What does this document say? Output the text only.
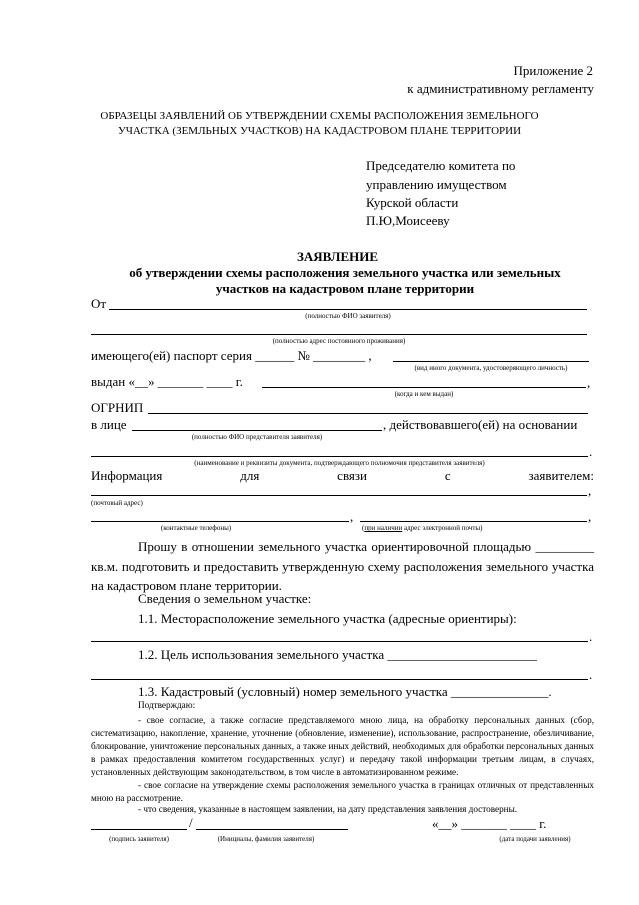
Приложение 2
к административному регламенту
ОБРАЗЕЦЫ ЗАЯВЛЕНИЙ ОБ УТВЕРЖДЕНИИ СХЕМЫ РАСПОЛОЖЕНИЯ ЗЕМЕЛЬНОГО
УЧАСТКА (ЗЕМЛЬНЫХ УЧАСТКОВ) НА КАДАСТРОВОМ ПЛАНЕ ТЕРРИТОРИИ
Председателю комитета по
управлению имуществом
Курской области
П.Ю,Моисееву
ЗАЯВЛЕНИЕ
об утверждении схемы расположения земельного участка или земельных
участков на кадастровом плане территории
От
(полностью ФИО заявителя)
(полностью адрес постоянного проживания)
имеющего(ей) паспорт серия ______ № ________ ,
(вид иного документа, удостоверяющего личность)
выдан «__» _______ ____ г.	,
(когда и кем выдан)
ОГРНИП
в лице	, действовавшего(ей) на основании
(полностью ФИО представителя заявителя)
.
(наименование и реквизиты документа, подтверждающего полномочия представителя заявителя)
Информация для связи с заявителем:
,
(почтовый адрес)
,	,
(контактные телефоны)	(при наличии адрес электронной почты)
Прошу в отношении земельного участка ориентировочной площадью _________ кв.м. подготовить и предоставить утвержденную схему расположения земельного участка на кадастровом плане территории.
Сведения о земельном участке:
1.1. Месторасположение земельного участка (адресные ориентиры):
.
1.2. Цель использования земельного участка _______________________
.
1.3. Кадастровый (условный) номер земельного участка _______________.
Подтверждаю:
- свое согласие, а также согласие представляемого мною лица, на обработку персональных данных (сбор, систематизацию, накопление, хранение, уточнение (обновление, изменение), использование, распространение, обезличивание, блокирование, уничтожение персональных данных, а также иных действий, необходимых для обработки персональных данных в рамках предоставления комитетом государственных услуг) и передачу такой информации третьим лицам, в случаях, установленных действующим законодательством, в том числе в автоматизированном режиме.
- свое согласие на утверждение схемы расположения земельного участка в границах отличных от представленных мною на рассмотрение.
- что сведения, указанные в настоящем заявлении, на дату представления заявления достоверны.
/	«__» _______ ____ г.
(подпись заявителя)	(Инициалы, фамилия заявителя)	(дата подачи заявления)
